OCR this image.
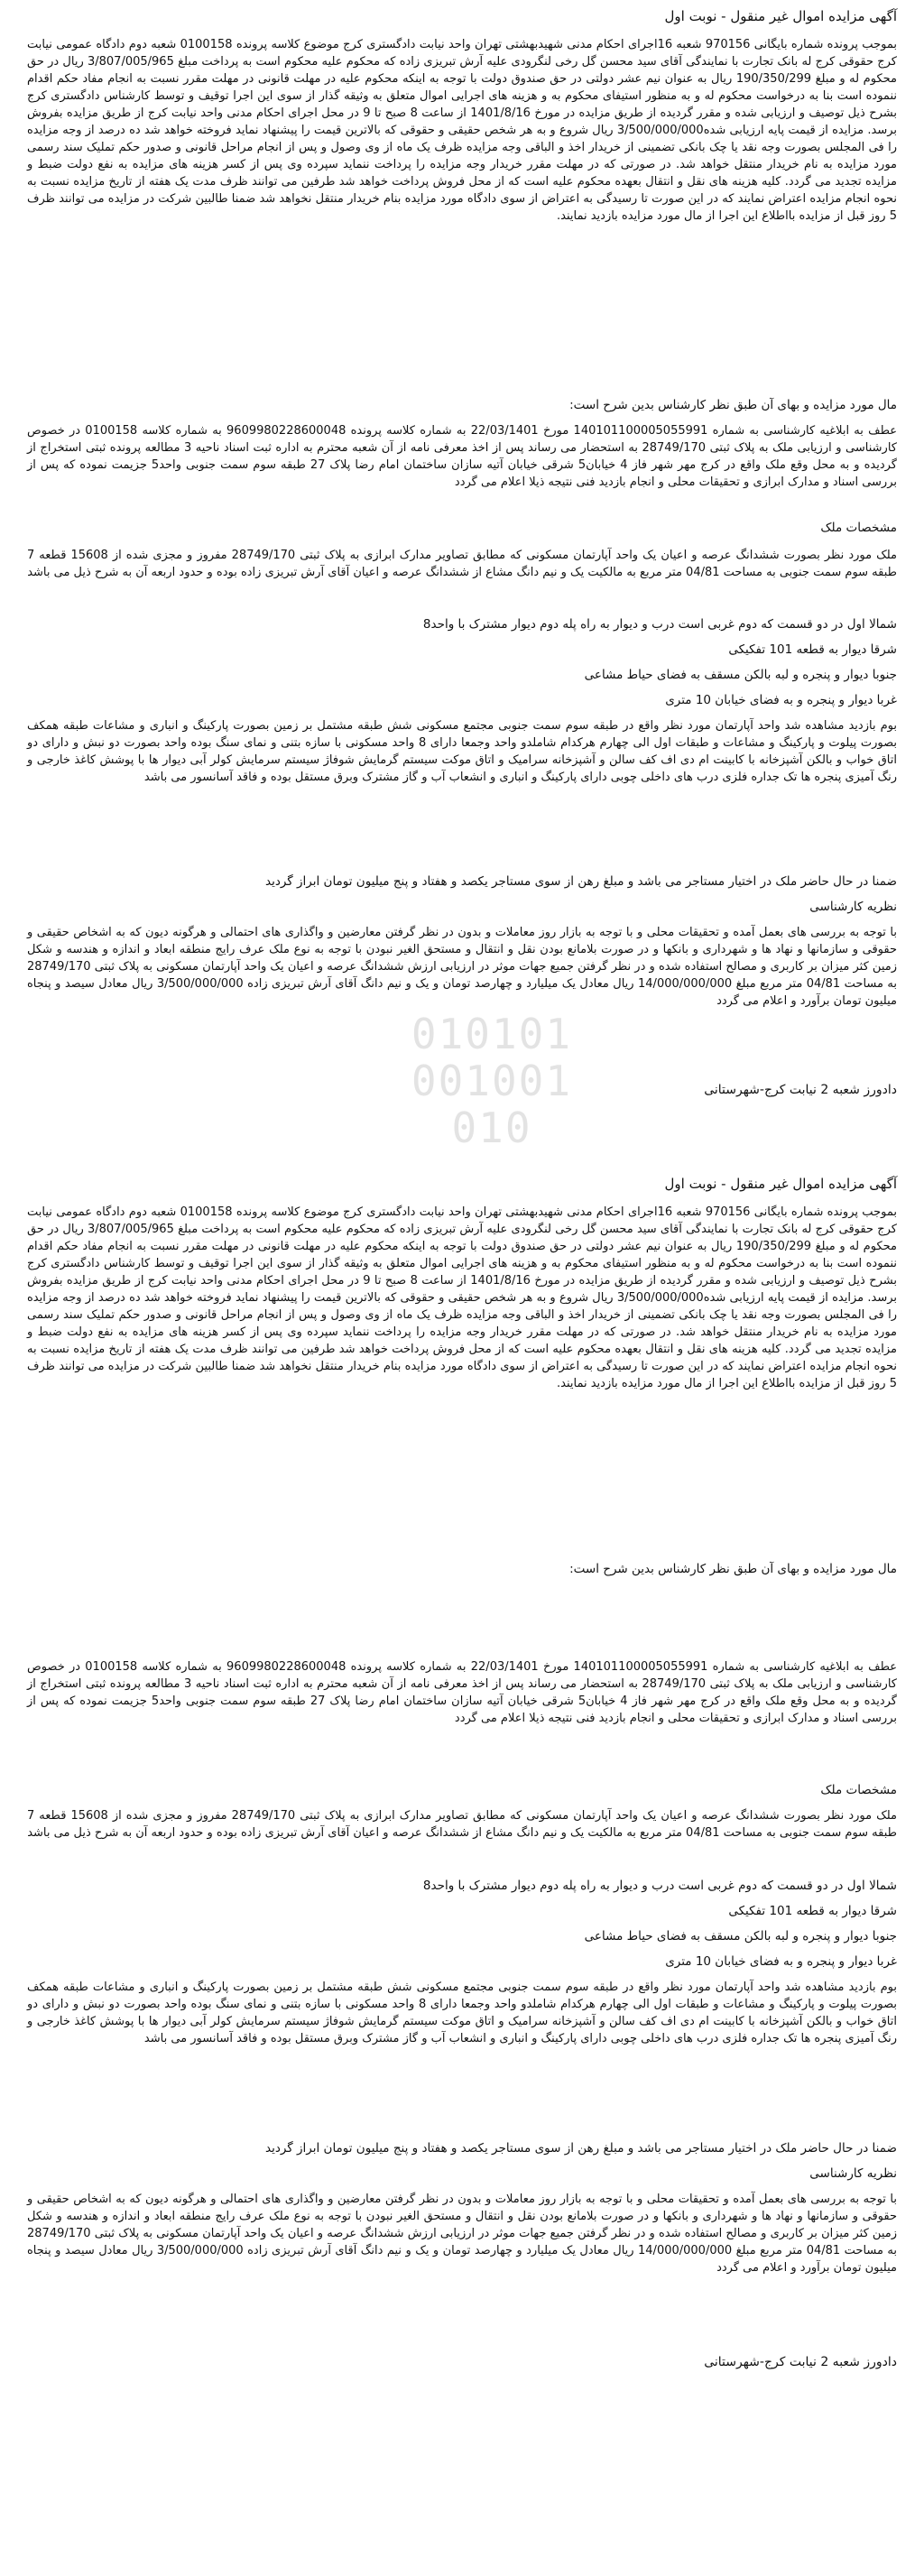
010101
001001
010
آگهی مزایده اموال غیر منقول - نوبت اول
بموجب پرونده شماره بایگانی 970156 شعبه 16اجرای احکام مدنی شهیدبهشتی تهران واحد نیابت دادگستری کرج موضوع کلاسه پرونده 0100158 شعبه دوم دادگاه عمومی نیابت کرج حقوقی کرج له بانک تجارت با نمایندگی آقای سید محسن گل رخی لنگرودی علیه آرش تبریزی زاده که محکوم علیه محکوم است به پرداخت مبلغ 3/807/005/965 ریال در حق محکوم له و مبلغ 190/350/299 ریال به عنوان نیم عشر دولتی در حق صندوق دولت با توجه به اینکه محکوم علیه در مهلت قانونی در مهلت مقرر نسبت به انجام مفاد حکم اقدام ننموده است بنا به درخواست محکوم له و به منظور استیفای محکوم به و هزینه های اجرایی اموال متعلق به وثیقه گذار از سوی این اجرا توقیف و توسط کارشناس دادگستری کرج بشرح ذیل توصیف و ارزیابی شده و مقرر گردیده از طریق مزایده در مورخ 1401/8/16 از ساعت 8 صبح تا 9 در محل اجرای احکام مدنی واحد نیابت کرج از طریق مزایده بفروش برسد. مزایده از قیمت پایه ارزیابی شده3/500/000/000 ریال شروع و به هر شخص حقیقی و حقوقی که بالاترین قیمت را پیشنهاد نماید فروخته خواهد شد ده درصد از وجه مزایده را فی المجلس بصورت وجه نقد یا چک بانکی تضمینی از خریدار اخذ و الباقی وجه مزایده ظرف یک ماه از وی وصول و پس از انجام مراحل قانونی و صدور حکم تملیک سند رسمی مورد مزایده به نام خریدار منتقل خواهد شد. در صورتی که در مهلت مقرر خریدار وجه مزایده را پرداخت ننماید سپرده وی پس از کسر هزینه های مزایده به نفع دولت ضبط و مزایده تجدید می گردد. کلیه هزینه های نقل و انتقال بعهده محکوم علیه است که از محل فروش پرداخت خواهد شد طرفین می توانند ظرف مدت یک هفته از تاریخ مزایده نسبت به نحوه انجام مزایده اعتراض نمایند که در این صورت تا رسیدگی به اعتراض از سوی دادگاه مورد مزایده بنام خریدار منتقل نخواهد شد ضمنا طالبین شرکت در مزایده می توانند ظرف 5 روز قبل از مزایده بااطلاع این اجرا از مال مورد مزایده بازدید نمایند.
مال مورد مزایده و بهای آن طبق نظر کارشناس بدین شرح است:
عطف به ابلاغیه کارشناسی به شماره 140101100005055991 مورخ 22/03/1401 به شماره کلاسه پرونده 9609980228600048 به شماره کلاسه 0100158 در خصوص کارشناسی و ارزیابی ملک به پلاک ثبتی 28749/170 به استحضار می رساند پس از اخذ معرفی نامه از آن شعبه محترم به اداره ثبت اسناد ناحیه 3 مطالعه پرونده ثبتی استخراج از گردیده و به محل وقع ملک واقع در کرج مهر شهر فاز 4 خیابان5 شرقی خیابان آتیه سازان ساختمان امام رضا پلاک 27 طبقه سوم سمت جنوبی واحد5 جزیمت نموده که پس از بررسی اسناد و مدارک ابرازی و تحقیقات محلی و انجام بازدید فنی نتیجه ذیلا اعلام می گردد
مشخصات ملک
ملک مورد نظر بصورت ششدانگ عرصه و اعیان یک واحد آپارتمان مسکونی که مطابق تصاویر مدارک ابرازی به پلاک ثبتی 28749/170 مفروز و مجزی شده از 15608 قطعه 7 طبقه سوم سمت جنوبی به مساحت 04/81 متر مربع به مالکیت یک و نیم دانگ مشاع از ششدانگ عرصه و اعیان آقای آرش تبریزی زاده بوده و حدود اربعه آن به شرح ذیل می باشد
شمالا اول در دو قسمت که دوم غربی است درب و دیوار به راه پله دوم دیوار مشترک با واحد8
شرقا دیوار به قطعه 101 تفکیکی
جنوبا دیوار و پنجره و لبه بالکن مسقف به فضای حیاط مشاعی
غربا دیوار و پنجره و به فضای خیابان 10 متری
بوم بازدید مشاهده شد واحد آپارتمان مورد نظر واقع در طبقه سوم سمت جنوبی مجتمع مسکونی شش طبقه مشتمل بر زمین بصورت پارکینگ و انباری و مشاعات طبقه همکف بصورت پیلوت و پارکینگ و مشاعات و طبقات اول الی چهارم هرکدام شاملدو واحد وجمعا دارای 8 واحد مسکونی با سازه بتنی و نمای سنگ بوده واحد بصورت دو نبش و دارای دو اتاق خواب و بالکن آشپزخانه با کابینت ام دی اف کف سالن و آشپزخانه سرامیک و اتاق موکت سیستم گرمایش شوفاژ سیستم سرمایش کولر آبی دیوار ها با پوشش کاغذ خارجی و رنگ آمیزی پنجره ها تک جداره فلزی درب های داخلی چوبی دارای پارکینگ و انباری و انشعاب آب و گاز مشترک وبرق مستقل بوده و فاقد آسانسور می باشد
ضمنا در حال حاضر ملک در اختیار مستاجر می باشد و مبلغ رهن از سوی مستاجر یکصد و هفتاد و پنج میلیون تومان ابراز گردید
نظریه کارشناسی
با توجه به بررسی های بعمل آمده و تحقیقات محلی و با توجه به بازار روز معاملات و بدون در نظر گرفتن معارضین و واگذاری های احتمالی و هرگونه دیون که به اشخاص حقیقی و حقوقی و سازمانها و نهاد ها و شهرداری و بانکها و در صورت بلامانع بودن نقل و انتقال و مستحق الغیر نبودن با توجه به نوع ملک عرف رایج منطقه ابعاد و اندازه و هندسه و شکل زمین کثر میزان بر کاربری و مصالح استفاده شده و در نظر گرفتن جمیع جهات موثر در ارزیابی ارزش ششدانگ عرصه و اعیان یک واحد آپارتمان مسکونی به پلاک ثبتی 28749/170 به مساحت 04/81 متر مربع مبلغ 14/000/000/000 ریال معادل یک میلیارد و چهارصد تومان و یک و نیم دانگ آقای آرش تبریزی زاده 3/500/000/000 ریال معادل سیصد و پنجاه میلیون تومان برآورد و اعلام می گردد
دادورز شعبه 2 نیابت کرج-شهرستانی
آگهی مزایده اموال غیر منقول - نوبت اول
بموجب پرونده شماره بایگانی 970156 شعبه 16اجرای احکام مدنی شهیدبهشتی تهران واحد نیابت دادگستری کرج موضوع کلاسه پرونده 0100158 شعبه دوم دادگاه عمومی نیابت کرج حقوقی کرج له بانک تجارت با نمایندگی آقای سید محسن گل رخی لنگرودی علیه آرش تبریزی زاده که محکوم علیه محکوم است به پرداخت مبلغ 3/807/005/965 ریال در حق محکوم له و مبلغ 190/350/299 ریال به عنوان نیم عشر دولتی در حق صندوق دولت با توجه به اینکه محکوم علیه در مهلت قانونی در مهلت مقرر نسبت به انجام مفاد حکم اقدام ننموده است بنا به درخواست محکوم له و به منظور استیفای محکوم به و هزینه های اجرایی اموال متعلق به وثیقه گذار از سوی این اجرا توقیف و توسط کارشناس دادگستری کرج بشرح ذیل توصیف و ارزیابی شده و مقرر گردیده از طریق مزایده در مورخ 1401/8/16 از ساعت 8 صبح تا 9 در محل اجرای احکام مدنی واحد نیابت کرج از طریق مزایده بفروش برسد. مزایده از قیمت پایه ارزیابی شده3/500/000/000 ریال شروع و به هر شخص حقیقی و حقوقی که بالاترین قیمت را پیشنهاد نماید فروخته خواهد شد ده درصد از وجه مزایده را فی المجلس بصورت وجه نقد یا چک بانکی تضمینی از خریدار اخذ و الباقی وجه مزایده ظرف یک ماه از وی وصول و پس از انجام مراحل قانونی و صدور حکم تملیک سند رسمی مورد مزایده به نام خریدار منتقل خواهد شد. در صورتی که در مهلت مقرر خریدار وجه مزایده را پرداخت ننماید سپرده وی پس از کسر هزینه های مزایده به نفع دولت ضبط و مزایده تجدید می گردد. کلیه هزینه های نقل و انتقال بعهده محکوم علیه است که از محل فروش پرداخت خواهد شد طرفین می توانند ظرف مدت یک هفته از تاریخ مزایده نسبت به نحوه انجام مزایده اعتراض نمایند که در این صورت تا رسیدگی به اعتراض از سوی دادگاه مورد مزایده بنام خریدار منتقل نخواهد شد ضمنا طالبین شرکت در مزایده می توانند ظرف 5 روز قبل از مزایده بااطلاع این اجرا از مال مورد مزایده بازدید نمایند.
مال مورد مزایده و بهای آن طبق نظر کارشناس بدین شرح است:
عطف به ابلاغیه کارشناسی به شماره 140101100005055991 مورخ 22/03/1401 به شماره کلاسه پرونده 9609980228600048 به شماره کلاسه 0100158 در خصوص کارشناسی و ارزیابی ملک به پلاک ثبتی 28749/170 به استحضار می رساند پس از اخذ معرفی نامه از آن شعبه محترم به اداره ثبت اسناد ناحیه 3 مطالعه پرونده ثبتی استخراج از گردیده و به محل وقع ملک واقع در کرج مهر شهر فاز 4 خیابان5 شرقی خیابان آتیه سازان ساختمان امام رضا پلاک 27 طبقه سوم سمت جنوبی واحد5 جزیمت نموده که پس از بررسی اسناد و مدارک ابرازی و تحقیقات محلی و انجام بازدید فنی نتیجه ذیلا اعلام می گردد
مشخصات ملک
ملک مورد نظر بصورت ششدانگ عرصه و اعیان یک واحد آپارتمان مسکونی که مطابق تصاویر مدارک ابرازی به پلاک ثبتی 28749/170 مفروز و مجزی شده از 15608 قطعه 7 طبقه سوم سمت جنوبی به مساحت 04/81 متر مربع به مالکیت یک و نیم دانگ مشاع از ششدانگ عرصه و اعیان آقای آرش تبریزی زاده بوده و حدود اربعه آن به شرح ذیل می باشد
شمالا اول در دو قسمت که دوم غربی است درب و دیوار به راه پله دوم دیوار مشترک با واحد8
شرقا دیوار به قطعه 101 تفکیکی
جنوبا دیوار و پنجره و لبه بالکن مسقف به فضای حیاط مشاعی
غربا دیوار و پنجره و به فضای خیابان 10 متری
بوم بازدید مشاهده شد واحد آپارتمان مورد نظر واقع در طبقه سوم سمت جنوبی مجتمع مسکونی شش طبقه مشتمل بر زمین بصورت پارکینگ و انباری و مشاعات طبقه همکف بصورت پیلوت و پارکینگ و مشاعات و طبقات اول الی چهارم هرکدام شاملدو واحد وجمعا دارای 8 واحد مسکونی با سازه بتنی و نمای سنگ بوده واحد بصورت دو نبش و دارای دو اتاق خواب و بالکن آشپزخانه با کابینت ام دی اف کف سالن و آشپزخانه سرامیک و اتاق موکت سیستم گرمایش شوفاژ سیستم سرمایش کولر آبی دیوار ها با پوشش کاغذ خارجی و رنگ آمیزی پنجره ها تک جداره فلزی درب های داخلی چوبی دارای پارکینگ و انباری و انشعاب آب و گاز مشترک وبرق مستقل بوده و فاقد آسانسور می باشد
ضمنا در حال حاضر ملک در اختیار مستاجر می باشد و مبلغ رهن از سوی مستاجر یکصد و هفتاد و پنج میلیون تومان ابراز گردید
نظریه کارشناسی
با توجه به بررسی های بعمل آمده و تحقیقات محلی و با توجه به بازار روز معاملات و بدون در نظر گرفتن معارضین و واگذاری های احتمالی و هرگونه دیون که به اشخاص حقیقی و حقوقی و سازمانها و نهاد ها و شهرداری و بانکها و در صورت بلامانع بودن نقل و انتقال و مستحق الغیر نبودن با توجه به نوع ملک عرف رایج منطقه ابعاد و اندازه و هندسه و شکل زمین کثر میزان بر کاربری و مصالح استفاده شده و در نظر گرفتن جمیع جهات موثر در ارزیابی ارزش ششدانگ عرصه و اعیان یک واحد آپارتمان مسکونی به پلاک ثبتی 28749/170 به مساحت 04/81 متر مربع مبلغ 14/000/000/000 ریال معادل یک میلیارد و چهارصد تومان و یک و نیم دانگ آقای آرش تبریزی زاده 3/500/000/000 ریال معادل سیصد و پنجاه میلیون تومان برآورد و اعلام می گردد
دادورز شعبه 2 نیابت کرج-شهرستانی
